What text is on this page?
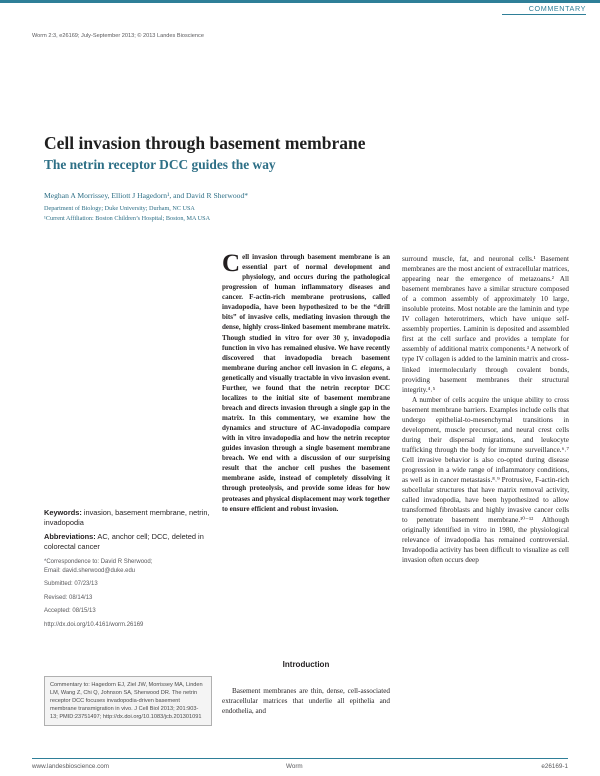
COMMENTARY
Worm 2:3, e26169; July-September 2013; © 2013 Landes Bioscience
Cell invasion through basement membrane
The netrin receptor DCC guides the way
Meghan A Morrissey, Elliott J Hagedorn¹, and David R Sherwood*
Department of Biology; Duke University; Durham, NC USA
¹Current Affiliation: Boston Children’s Hospital; Boston, MA USA
Keywords: invasion, basement membrane, netrin, invadopodia
Abbreviations: AC, anchor cell; DCC, deleted in colorectal cancer
*Correspondence to: David R Sherwood;
Email: david.sherwood@duke.edu
Submitted: 07/23/13
Revised: 08/14/13
Accepted: 08/15/13
http://dx.doi.org/10.4161/worm.26169
Commentary to: Hagedorn EJ, Ziel JW, Morrissey MA, Linden LM, Wang Z, Chi Q, Johnson SA, Sherwood DR. The netrin receptor DCC focuses invadopodia-driven basement membrane transmigration in vivo. J Cell Biol 2013; 201:903-13; PMID:23751497; http://dx.doi.org/10.1083/jcb.201301091
Cell invasion through basement membrane is an essential part of normal development and physiology, and occurs during the pathological progression of human inflammatory diseases and cancer. F-actin-rich membrane protrusions, called invadopodia, have been hypothesized to be the “drill bits” of invasive cells, mediating invasion through the dense, highly cross-linked basement membrane matrix. Though studied in vitro for over 30 y, invadopodia function in vivo has remained elusive. We have recently discovered that invadopodia breach basement membrane during anchor cell invasion in C. elegans, a genetically and visually tractable in vivo invasion event. Further, we found that the netrin receptor DCC localizes to the initial site of basement membrane breach and directs invasion through a single gap in the matrix. In this commentary, we examine how the dynamics and structure of AC-invadopodia compare with in vitro invadopodia and how the netrin receptor guides invasion through a single basement membrane breach. We end with a discussion of our surprising result that the anchor cell pushes the basement membrane aside, instead of completely dissolving it through proteolysis, and provide some ideas for how proteases and physical displacement may work together to ensure efficient and robust invasion.
Introduction

Basement membranes are thin, dense, cell-associated extracellular matrices that underlie all epithelia and endothelia, and

surround muscle, fat, and neuronal cells.¹ Basement membranes are the most ancient of extracellular matrices, appearing near the emergence of metazoans.² All basement membranes have a similar structure composed of a common assembly of approximately 10 large, insoluble proteins. Most notable are the laminin and type IV collagen heterotrimers, which have unique self-assembly properties. Laminin is deposited and assembled first at the cell surface and provides a template for assembly of additional matrix components.³ A network of type IV collagen is added to the laminin matrix and cross-linked intermolecularly through covalent bonds, providing basement membranes their structural integrity.⁴˒⁵

A number of cells acquire the unique ability to cross basement membrane barriers. Examples include cells that undergo epithelial-to-mesenchymal transitions in development, muscle precursor, and neural crest cells during their dispersal migrations, and leukocyte trafficking through the body for immune surveillance.⁶˒⁷ Cell invasive behavior is also co-opted during disease progression in a wide range of inflammatory conditions, as well as in cancer metastasis.⁸˒⁹ Protrusive, F-actin-rich subcellular structures that have matrix removal activity, called invadopodia, have been hypothesized to allow transformed fibroblasts and highly invasive cancer cells to penetrate basement membrane.¹⁰⁻¹² Although originally identified in vitro in 1980, the physiological relevance of invadopodia has remained controversial. Invadopodia activity has been difficult to visualize as cell invasion often occurs deep

www.landesbioscience.com	Worm	e26169-1
